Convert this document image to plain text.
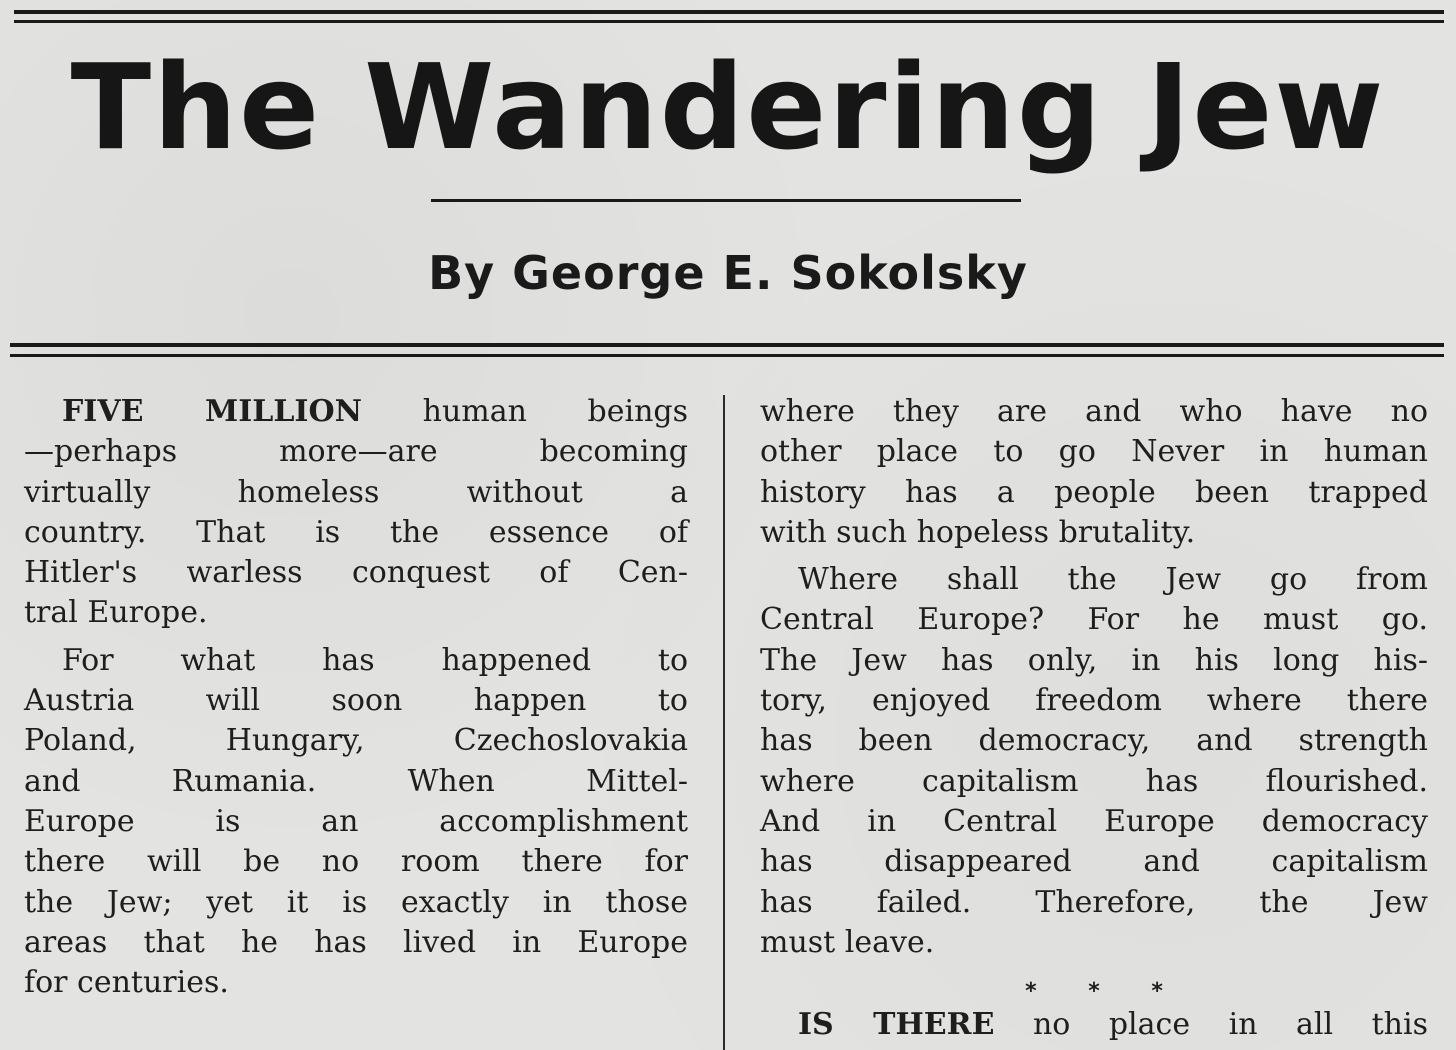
The Wandering Jew
By George E. Sokolsky

FIVE MILLION human beings
—perhaps more—are becoming
virtually homeless without a
country. That is the essence of
Hitler's warless conquest of Cen-
tral Europe.

For what has happened to
Austria will soon happen to
Poland, Hungary, Czechoslovakia
and Rumania. When Mittel-
Europe is an accomplishment
there will be no room there for
the Jew; yet it is exactly in those
areas that he has lived in Europe
for centuries.

where they are and who have no
other place to go Never in human
history has a people been trapped
with such hopeless brutality.

Where shall the Jew go from
Central Europe? For he must go.
The Jew has only, in his long his-
tory, enjoyed freedom where there
has been democracy, and strength
where capitalism has flourished.
And in Central Europe democracy
has disappeared and capitalism
has failed. Therefore, the Jew
must leave.

* * *

IS THERE no place in all this
